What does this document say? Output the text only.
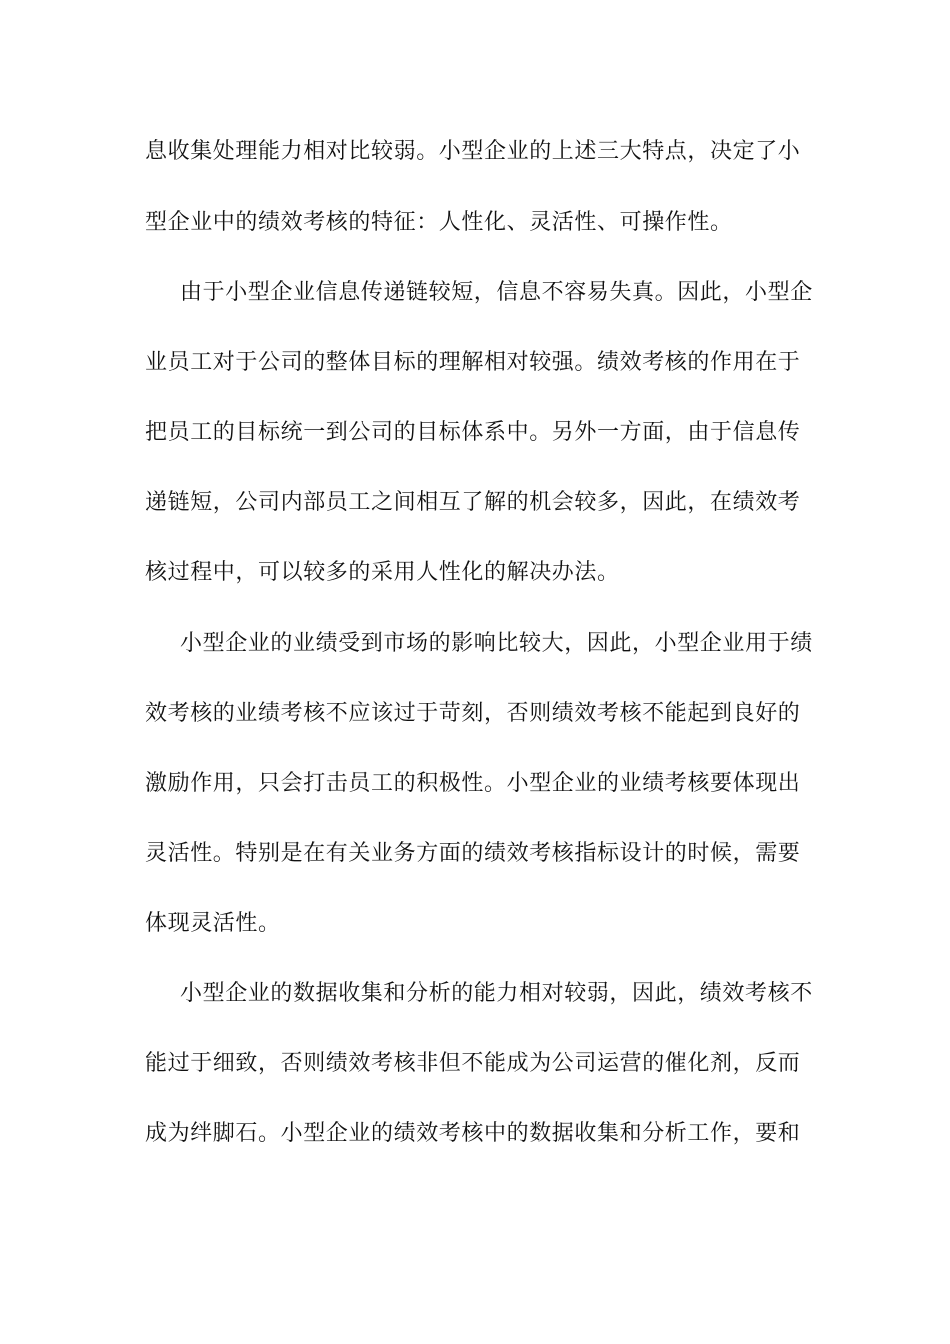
息收集处理能力相对比较弱。小型企业的上述三大特点，决定了小
型企业中的绩效考核的特征：人性化、灵活性、可操作性。
由于小型企业信息传递链较短，信息不容易失真。因此，小型企
业员工对于公司的整体目标的理解相对较强。绩效考核的作用在于
把员工的目标统一到公司的目标体系中。另外一方面，由于信息传
递链短，公司内部员工之间相互了解的机会较多，因此，在绩效考
核过程中，可以较多的采用人性化的解决办法。
小型企业的业绩受到市场的影响比较大，因此，小型企业用于绩
效考核的业绩考核不应该过于苛刻，否则绩效考核不能起到良好的
激励作用，只会打击员工的积极性。小型企业的业绩考核要体现出
灵活性。特别是在有关业务方面的绩效考核指标设计的时候，需要
体现灵活性。
小型企业的数据收集和分析的能力相对较弱，因此，绩效考核不
能过于细致，否则绩效考核非但不能成为公司运营的催化剂，反而
成为绊脚石。小型企业的绩效考核中的数据收集和分析工作，要和
